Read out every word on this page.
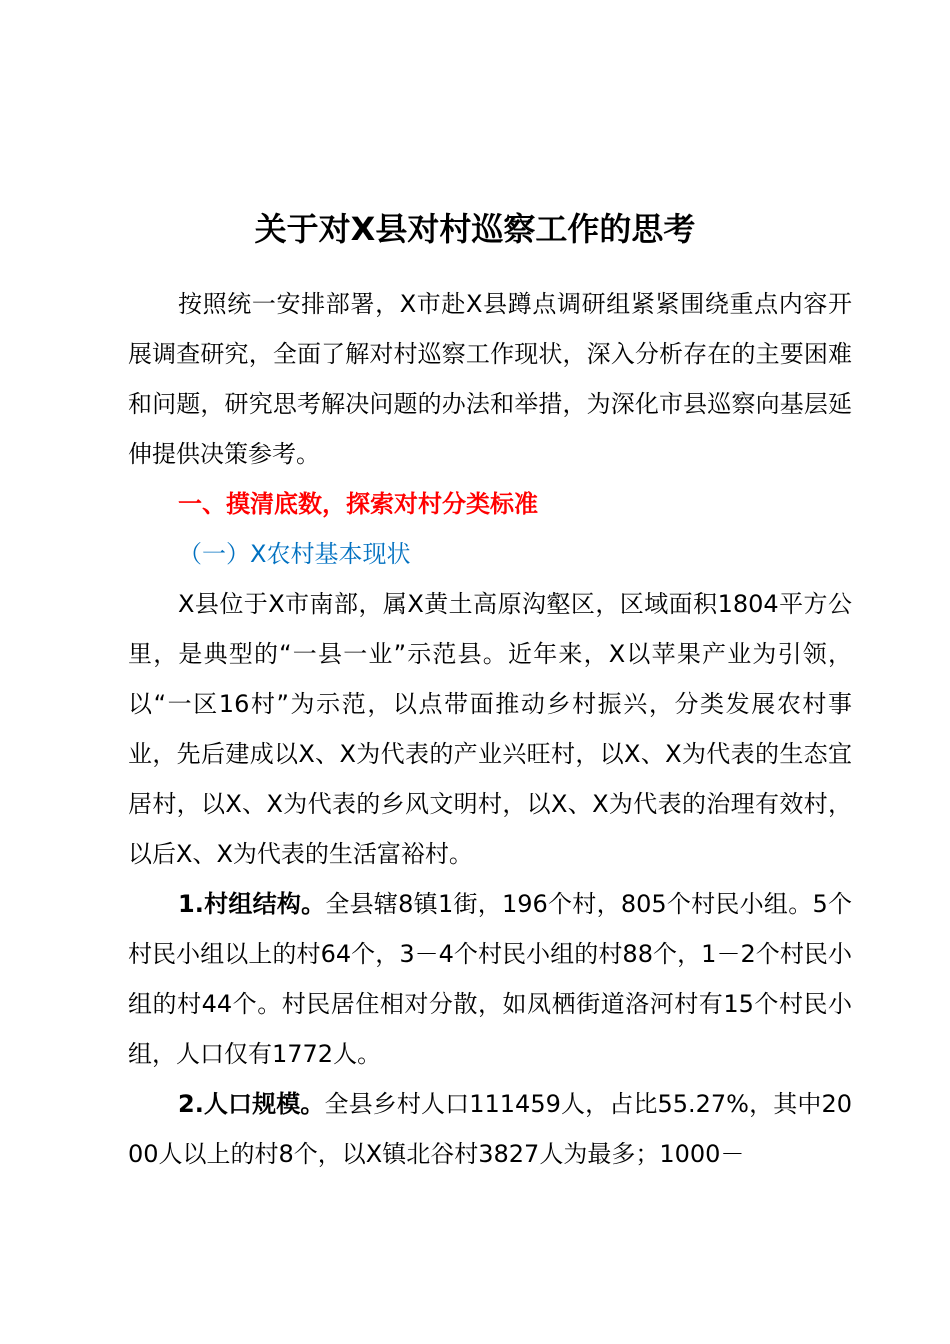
关于对X县对村巡察工作的思考

按照统一安排部署，X市赴X县蹲点调研组紧紧围绕重点内容开展调查研究，全面了解对村巡察工作现状，深入分析存在的主要困难和问题，研究思考解决问题的办法和举措，为深化市县巡察向基层延伸提供决策参考。

一、摸清底数，探索对村分类标准

（一）X农村基本现状

X县位于X市南部，属X黄土高原沟壑区，区域面积1804平方公里，是典型的“一县一业”示范县。近年来，X以苹果产业为引领，以“一区16村”为示范，以点带面推动乡村振兴，分类发展农村事业，先后建成以X、X为代表的产业兴旺村，以X、X为代表的生态宜居村，以X、X为代表的乡风文明村，以X、X为代表的治理有效村，以后X、X为代表的生活富裕村。

1.村组结构。全县辖8镇1街，196个村，805个村民小组。5个村民小组以上的村64个，3－4个村民小组的村88个，1－2个村民小组的村44个。村民居住相对分散，如凤栖街道洛河村有15个村民小组，人口仅有1772人。

2.人口规模。全县乡村人口111459人，占比55.27%，其中2000人以上的村8个，以X镇北谷村3827人为最多；1000－
